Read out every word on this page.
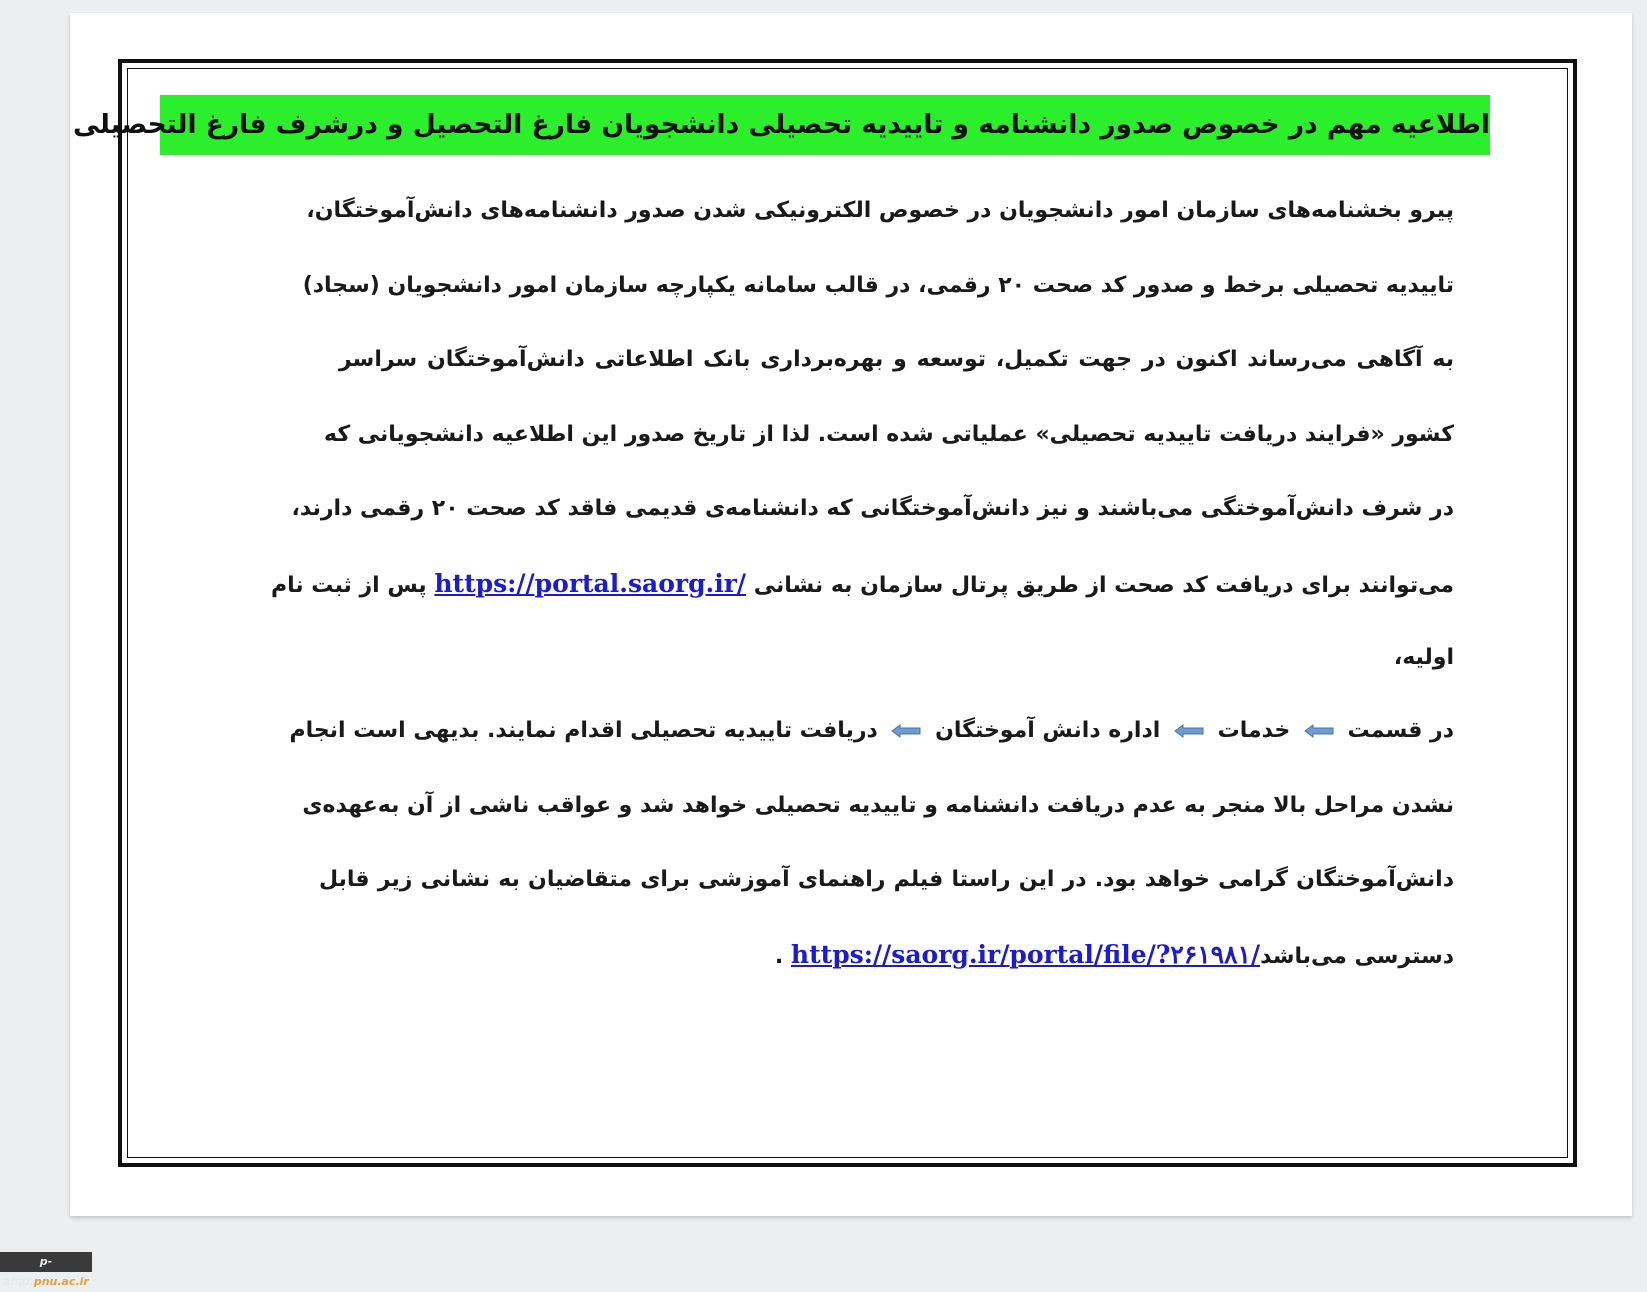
اطلاعیه مهم در خصوص صدور دانشنامه و تاییدیه تحصیلی دانشجویان فارغ التحصیل و درشرف فارغ التحصیلی
پیرو بخشنامه‌های سازمان امور دانشجویان در خصوص الکترونیکی شدن صدور دانشنامه‌های دانش‌آموختگان،
تاییدیه تحصیلی برخط و صدور کد صحت ۲۰ رقمی، در قالب سامانه یکپارچه سازمان امور دانشجویان (سجاد)
به آگاهی می‌رساند اکنون در جهت تکمیل، توسعه و بهره‌برداری بانک اطلاعاتی دانش‌آموختگان سراسر
کشور «فرایند دریافت تاییدیه تحصیلی» عملیاتی شده است. لذا از تاریخ صدور این اطلاعیه دانشجویانی که
در شرف دانش‌آموختگی می‌باشند و نیز دانش‌آموختگانی که دانشنامه‌ی قدیمی فاقد کد صحت ۲۰ رقمی دارند،
می‌توانند برای دریافت کد صحت از طریق پرتال سازمان به نشانی https://portal.saorg.ir/ پس از ثبت نام
اولیه،
در قسمت  خدمات  اداره دانش آموختگان  دریافت تاییدیه تحصیلی اقدام نمایند. بدیهی است انجام
نشدن مراحل بالا منجر به عدم دریافت دانشنامه و تاییدیه تحصیلی خواهد شد و عواقب ناشی از آن به‌عهده‌ی
دانش‌آموختگان گرامی خواهد بود. در این راستا فیلم راهنمای آموزشی برای متقاضیان به نشانی زیر قابل
دسترسی می‌باشدhttps://saorg.ir/portal/file/?۲۶۱۹۸۱/ .
p-ahar.pnu.ac.ir
